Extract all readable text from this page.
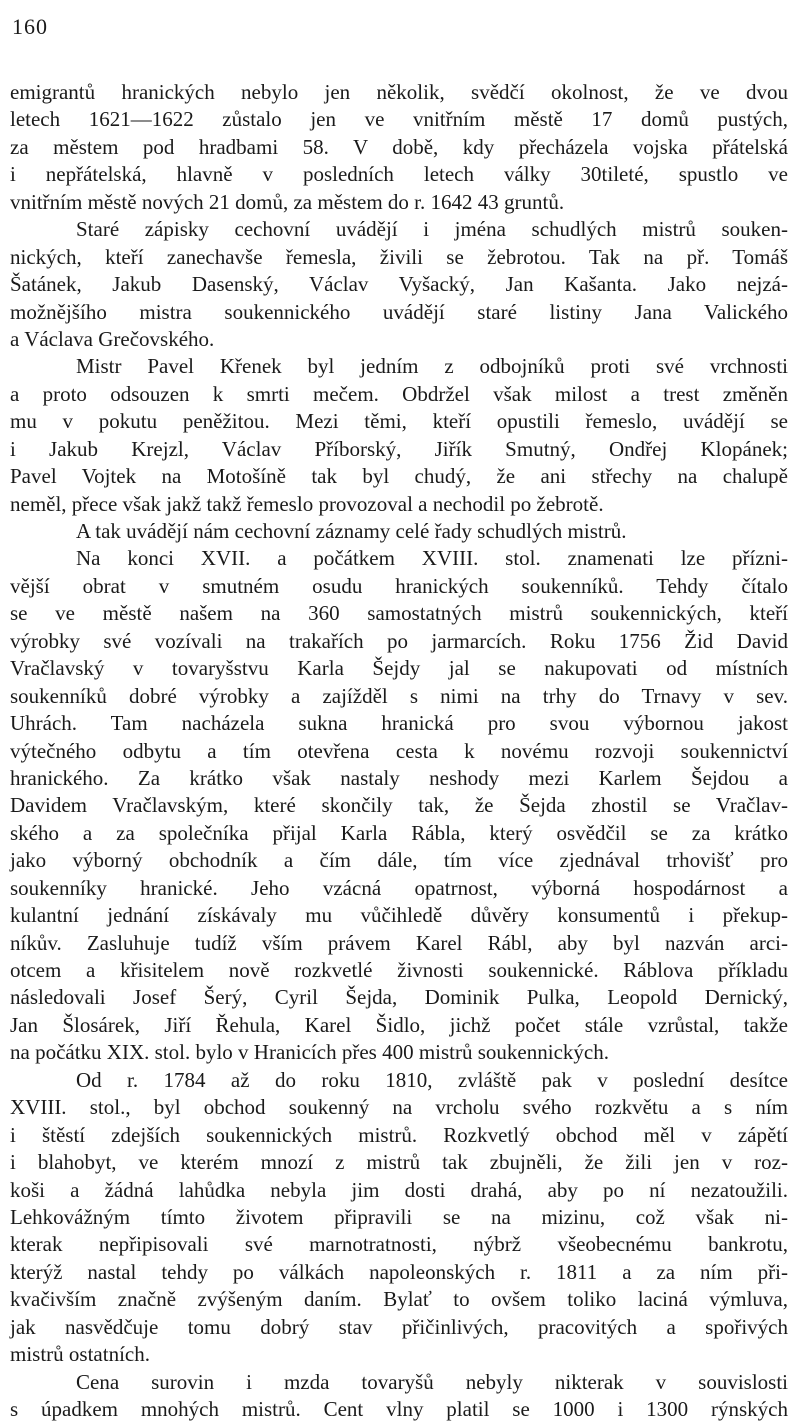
160
emigrantů hranických nebylo jen několik, svědčí okolnost, že ve dvou
letech 1621—1622 zůstalo jen ve vnitřním městě 17 domů pustých,
za městem pod hradbami 58. V době, kdy přecházela vojska přátelská
i nepřátelská, hlavně v posledních letech války 30tileté, spustlo ve
vnitřním městě nových 21 domů, za městem do r. 1642 43 gruntů.
Staré zápisky cechovní uvádějí i jména schudlých mistrů souken-
nických, kteří zanechavše řemesla, živili se žebrotou. Tak na př. Tomáš
Šatánek, Jakub Dasenský, Václav Vyšacký, Jan Kašanta. Jako nejzá-
možnějšího mistra soukennického uvádějí staré listiny Jana Valického
a Václava Grečovského.
Mistr Pavel Křenek byl jedním z odbojníků proti své vrchnosti
a proto odsouzen k smrti mečem. Obdržel však milost a trest změněn
mu v pokutu peněžitou. Mezi těmi, kteří opustili řemeslo, uvádějí se
i Jakub Krejzl, Václav Příborský, Jiřík Smutný, Ondřej Klopánek;
Pavel Vojtek na Motošíně tak byl chudý, že ani střechy na chalupě
neměl, přece však jakž takž řemeslo provozoval a nechodil po žebrotě.
A tak uvádějí nám cechovní záznamy celé řady schudlých mistrů.
Na konci XVII. a počátkem XVIII. stol. znamenati lze přízni-
vější obrat v smutném osudu hranických soukenníků. Tehdy čítalo
se ve městě našem na 360 samostatných mistrů soukennických, kteří
výrobky své vozívali na trakařích po jarmarcích. Roku 1756 Žid David
Vračlavský v tovaryšstvu Karla Šejdy jal se nakupovati od místních
soukenníků dobré výrobky a zajížděl s nimi na trhy do Trnavy v sev.
Uhrách. Tam nacházela sukna hranická pro svou výbornou jakost
výtečného odbytu a tím otevřena cesta k novému rozvoji soukennictví
hranického. Za krátko však nastaly neshody mezi Karlem Šejdou a
Davidem Vračlavským, které skončily tak, že Šejda zhostil se Vračlav-
ského a za společníka přijal Karla Rábla, který osvědčil se za krátko
jako výborný obchodník a čím dále, tím více zjednával trhovišť pro
soukenníky hranické. Jeho vzácná opatrnost, výborná hospodárnost a
kulantní jednání získávaly mu vůčihledě důvěry konsumentů i překup-
níkův. Zasluhuje tudíž vším právem Karel Rábl, aby byl nazván arci-
otcem a křisitelem nově rozkvetlé živnosti soukennické. Ráblova příkladu
následovali Josef Šerý, Cyril Šejda, Dominik Pulka, Leopold Dernický,
Jan Šlosárek, Jiří Řehula, Karel Šidlo, jichž počet stále vzrůstal, takže
na počátku XIX. stol. bylo v Hranicích přes 400 mistrů soukennických.
Od r. 1784 až do roku 1810, zvláště pak v poslední desítce
XVIII. stol., byl obchod soukenný na vrcholu svého rozkvětu a s ním
i štěstí zdejších soukennických mistrů. Rozkvetlý obchod měl v zápětí
i blahobyt, ve kterém mnozí z mistrů tak zbujněli, že žili jen v roz-
koši a žádná lahůdka nebyla jim dosti drahá, aby po ní nezatoužili.
Lehkovážným tímto životem připravili se na mizinu, což však ni-
kterak nepřipisovali své marnotratnosti, nýbrž všeobecnému bankrotu,
kterýž nastal tehdy po válkách napoleonských r. 1811 a za ním při-
kvačivším značně zvýšeným daním. Bylať to ovšem toliko laciná výmluva,
jak nasvědčuje tomu dobrý stav přičinlivých, pracovitých a spořivých
mistrů ostatních.
Cena surovin i mzda tovaryšů nebyly nikterak v souvislosti
s úpadkem mnohých mistrů. Cent vlny platil se 1000 i 1300 rýnských
